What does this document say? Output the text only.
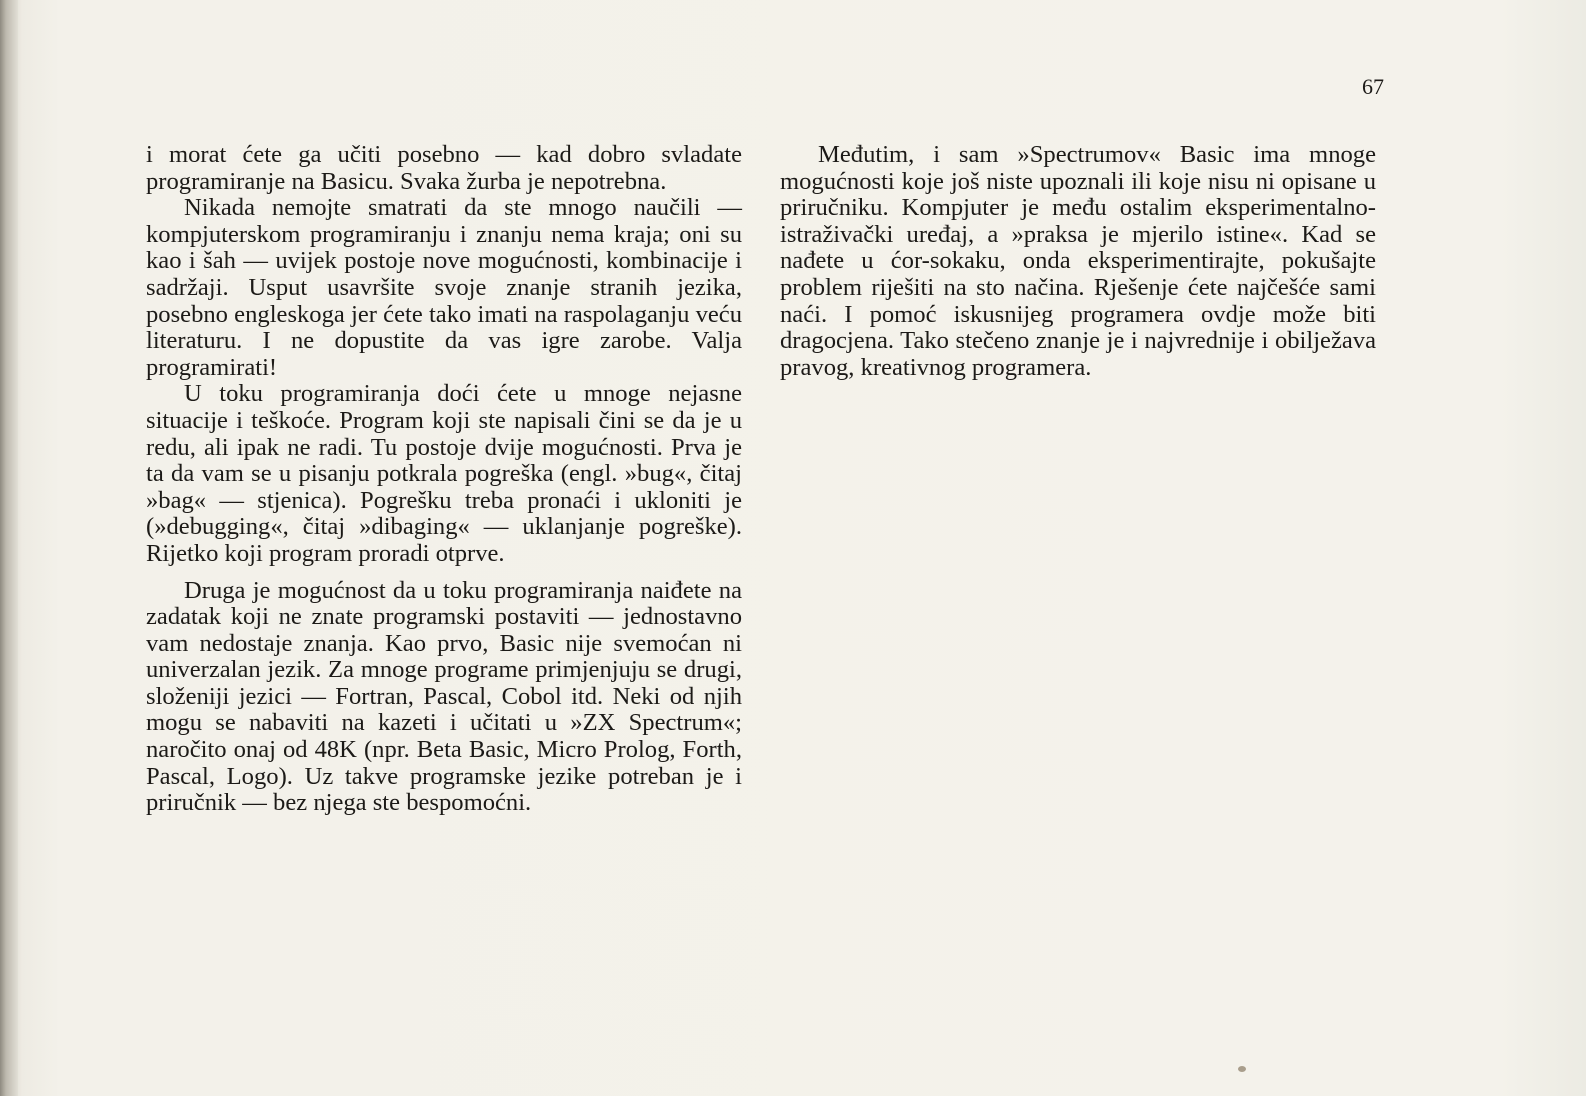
67

i morat ćete ga učiti posebno — kad dobro svladate programiranje na Basicu. Svaka žurba je nepotrebna.

Nikada nemojte smatrati da ste mnogo naučili — kompjuterskom programiranju i znanju nema kraja; oni su kao i šah — uvijek postoje nove mogućnosti, kombinacije i sadržaji. Usput usavršite svoje znanje stranih jezika, posebno engleskoga jer ćete tako imati na raspolaganju veću literaturu. I ne dopustite da vas igre zarobe. Valja programirati!

U toku programiranja doći ćete u mnoge nejasne situacije i teškoće. Program koji ste napisali čini se da je u redu, ali ipak ne radi. Tu postoje dvije mogućnosti. Prva je ta da vam se u pisanju potkrala pogreška (engl. »bug«, čitaj »bag« — stjenica). Pogrešku treba pronaći i ukloniti je (»debugging«, čitaj »dibaging« — uklanjanje pogreške). Rijetko koji program proradi otprve.

Druga je mogućnost da u toku programiranja naiđete na zadatak koji ne znate programski postaviti — jednostavno vam nedostaje znanja. Kao prvo, Basic nije svemoćan ni univerzalan jezik. Za mnoge programe primjenjuju se drugi, složeniji jezici — Fortran, Pascal, Cobol itd. Neki od njih mogu se nabaviti na kazeti i učitati u »ZX Spectrum«; naročito onaj od 48K (npr. Beta Basic, Micro Prolog, Forth, Pascal, Logo). Uz takve programske jezike potreban je i priručnik — bez njega ste bespomoćni.

Međutim, i sam »Spectrumov« Basic ima mnoge mogućnosti koje još niste upoznali ili koje nisu ni opisane u priručniku. Kompjuter je među ostalim eksperimentalno-istraživački uređaj, a »praksa je mjerilo istine«. Kad se nađete u ćor-sokaku, onda eksperimentirajte, pokušajte problem riješiti na sto načina. Rješenje ćete najčešće sami naći. I pomoć iskusnijeg programera ovdje može biti dragocjena. Tako stečeno znanje je i najvrednije i obilježava pravog, kreativnog programera.
